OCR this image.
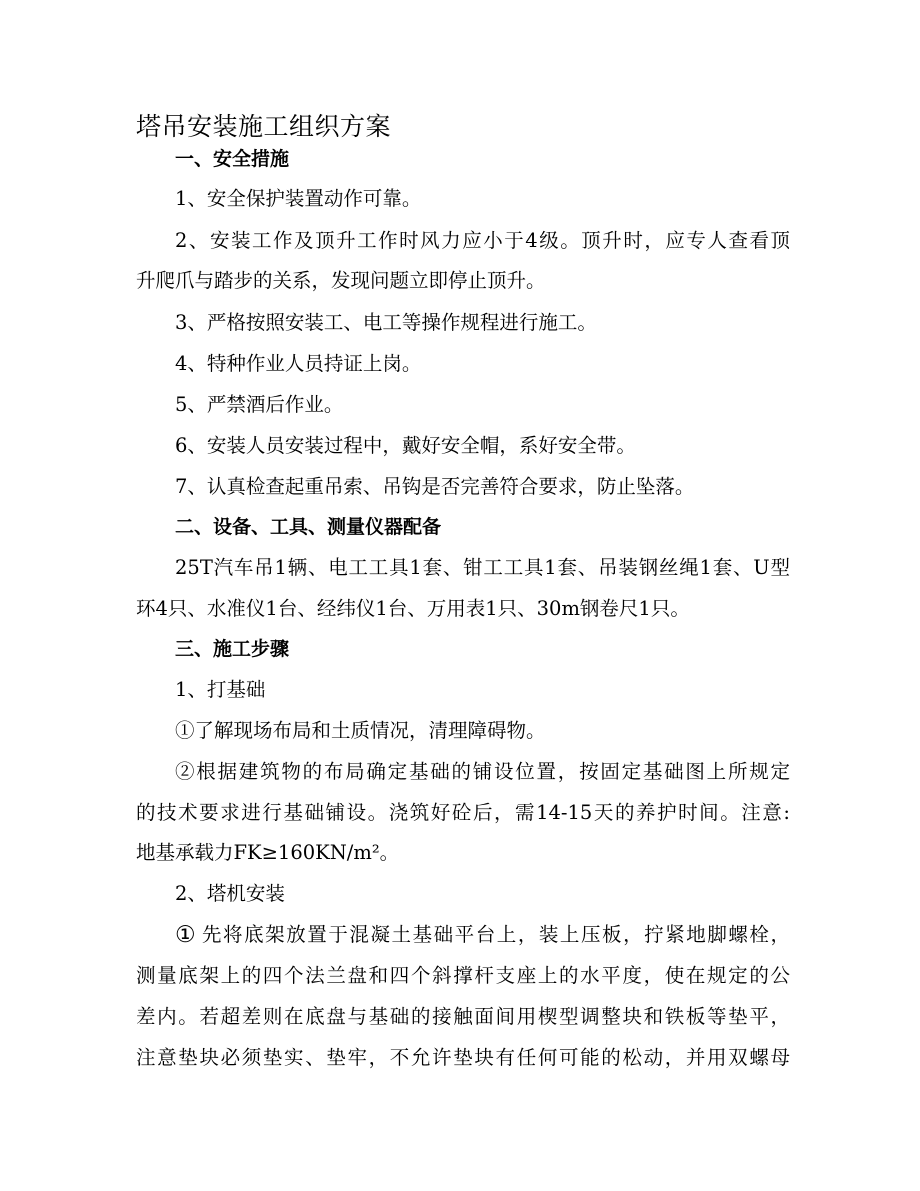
塔吊安装施工组织方案

一、安全措施

1、安全保护装置动作可靠。

2、安装工作及顶升工作时风力应小于4级。顶升时，应专人查看顶

升爬爪与踏步的关系，发现问题立即停止顶升。

3、严格按照安装工、电工等操作规程进行施工。

4、特种作业人员持证上岗。

5、严禁酒后作业。

6、安装人员安装过程中，戴好安全帽，系好安全带。

7、认真检查起重吊索、吊钩是否完善符合要求，防止坠落。

二、设备、工具、测量仪器配备

25T汽车吊1辆、电工工具1套、钳工工具1套、吊装钢丝绳1套、U型

环4只、水准仪1台、经纬仪1台、万用表1只、30m钢卷尺1只。

三、施工步骤

1、打基础

①了解现场布局和土质情况，清理障碍物。

②根据建筑物的布局确定基础的铺设位置，按固定基础图上所规定

的技术要求进行基础铺设。浇筑好砼后，需14-15天的养护时间。注意:

地基承载力FK≥160KN/m²。

2、塔机安装

① 先将底架放置于混凝土基础平台上，装上压板，拧紧地脚螺栓，

测量底架上的四个法兰盘和四个斜撑杆支座上的水平度，使在规定的公

差内。若超差则在底盘与基础的接触面间用楔型调整块和铁板等垫平，

注意垫块必须垫实、垫牢，不允许垫块有任何可能的松动，并用双螺母
